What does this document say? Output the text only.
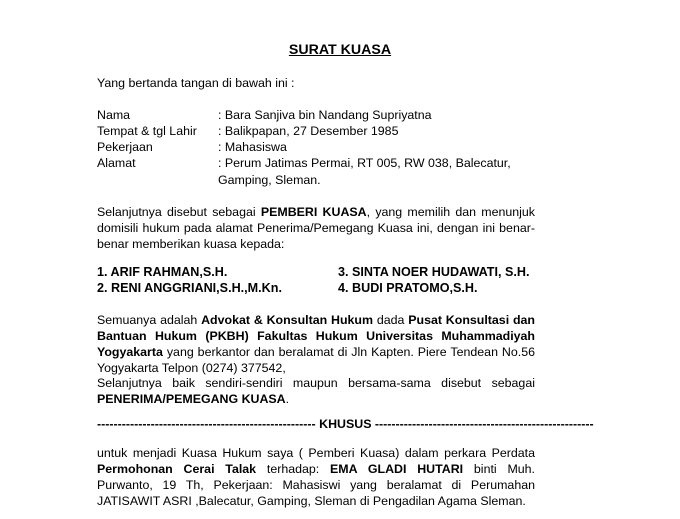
SURAT KUASA
Yang bertanda tangan di bawah ini :
Nama	: Bara Sanjiva bin Nandang Supriyatna
Tempat & tgl Lahir : Balikpapan, 27 Desember 1985
Pekerjaan	: Mahasiswa
Alamat	: Perum Jatimas Permai, RT 005, RW 038, Balecatur,
Gamping, Sleman.
Selanjutnya disebut sebagai PEMBERI KUASA, yang memilih dan menunjuk domisili hukum pada alamat Penerima/Pemegang Kuasa ini, dengan ini benar-benar memberikan kuasa kepada:
1. ARIF RAHMAN,S.H.	3. SINTA NOER HUDAWATI, S.H.
2. RENI ANGGRIANI,S.H.,M.Kn.	4. BUDI PRATOMO,S.H.
Semuanya adalah Advokat & Konsultan Hukum dada Pusat Konsultasi dan Bantuan Hukum (PKBH) Fakultas Hukum Universitas Muhammadiyah Yogyakarta yang berkantor dan beralamat di Jln Kapten. Piere Tendean No.56 Yogyakarta Telpon (0274) 377542,
Selanjutnya baik sendiri-sendiri maupun bersama-sama disebut sebagai
PENERIMA/PEMEGANG KUASA.
----------------------------------------------------- KHUSUS -----------------------------------------------------
untuk menjadi Kuasa Hukum saya ( Pemberi Kuasa) dalam perkara Perdata Permohonan Cerai Talak terhadap: EMA GLADI HUTARI binti Muh. Purwanto, 19 Th, Pekerjaan: Mahasiswi yang beralamat di Perumahan JATISAWIT ASRI ,Balecatur, Gamping, Sleman di Pengadilan Agama Sleman.
